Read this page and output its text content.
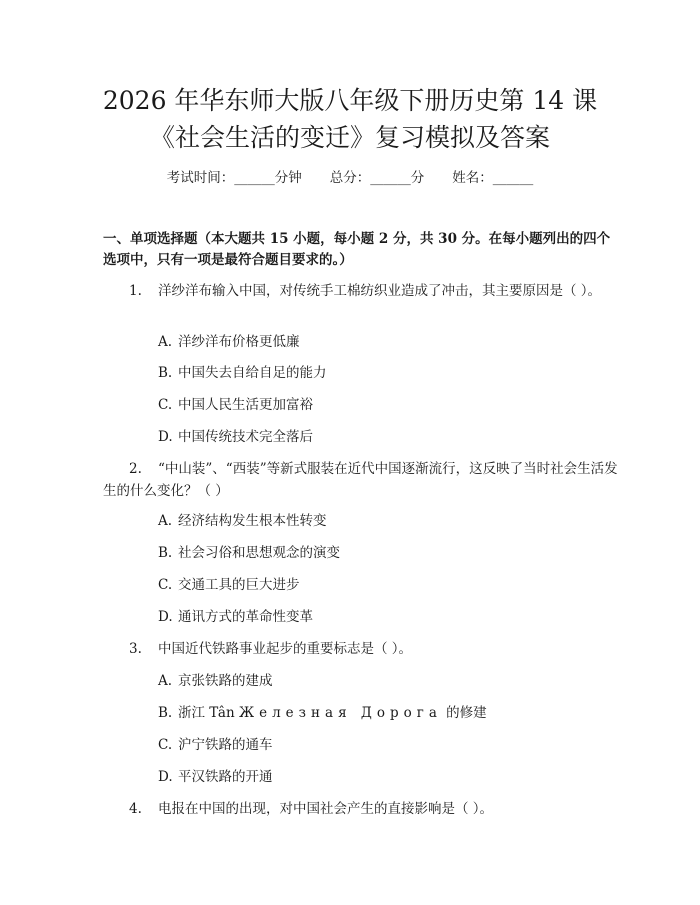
2026 年华东师大版八年级下册历史第 14 课
《社会生活的变迁》复习模拟及答案
考试时间：______分钟 总分：______分 姓名：______
一、单项选择题（本大题共 15 小题，每小题 2 分，共 30 分。在每小题列出的四个选项中，只有一项是最符合题目要求的。）
1. 洋纱洋布输入中国，对传统手工棉纺织业造成了冲击，其主要原因是（ ）。
A. 洋纱洋布价格更低廉
B. 中国失去自给自足的能力
C. 中国人民生活更加富裕
D. 中国传统技术完全落后
2. “中山装”、“西装”等新式服装在近代中国逐渐流行，这反映了当时社会生活发生的什么变化？（ ）
A. 经济结构发生根本性转变
B. 社会习俗和思想观念的演变
C. 交通工具的巨大进步
D. 通讯方式的革命性变革
3. 中国近代铁路事业起步的重要标志是（ ）。
A. 京张铁路的建成
B. 浙江 Tân Железная Дорога 的修建
C. 沪宁铁路的通车
D. 平汉铁路的开通
4. 电报在中国的出现，对中国社会产生的直接影响是（ ）。
